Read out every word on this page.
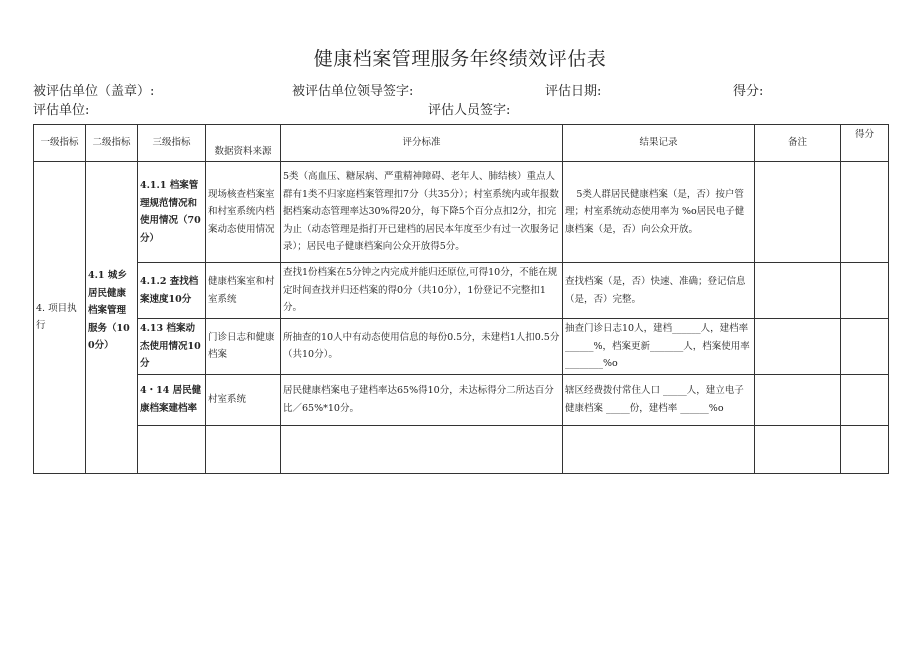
健康档案管理服务年终绩效评估表
被评估单位（盖章）:	被评估单位领导签字:	评估日期:	得分:
评估单位:	评估人员签字:
一级指标	二级指标	三级指标	数据资料来源	评分标准	结果记录	备注	得分
4. 项目执行	4.1 城乡居民健康档案管理服务（100分）	4.1.1 档案管理规范情况和使用情况（70分）	现场核查档案室和村室系统内档案动态使用情况	5类（高血压、糖尿病、严重精神障碍、老年人、肺结核）重点人群有1类不归家庭档案管理扣7分（共35分）；村室系统内或年报数据档案动态管理率达30%得20分，每下降5个百分点扣2分，扣完为止（动态管理是指打开已建档的居民本年度至少有过一次服务记录）；居民电子健康档案向公众开放得5分。	5类人群居民健康档案（是，否）按户管理；村室系统动态使用率为 %o居民电子健康档案（是，否）向公众开放。		
		4.1.2 查找档案速度10分	健康档案室和村室系统	查找1份档案在5分钟之内完成并能归还原位,可得10分，不能在规定时间查找并归还档案的得0分（共10分），1份登记不完整扣1分。	查找档案（是，否）快速、准确；登记信息（是，否）完整。		
		4.13 档案动杰使用情况10分	门诊日志和健康档案	所抽查的10人中有动态使用信息的每份0.5分，未建档1人扣0.5分（共10分）。	抽查门诊日志10人，建档______人，建档率______%，档案更新_______人，档案使用率 ________%o		
		4・14 居民健康档案建档率	村室系统	居民健康档案电子建档率达65%得10分，未达标得分二所达百分比／65%*10分。	辖区经费拨付常住人口 _____人，建立电子健康档案 _____份，建档率 ______%o		
